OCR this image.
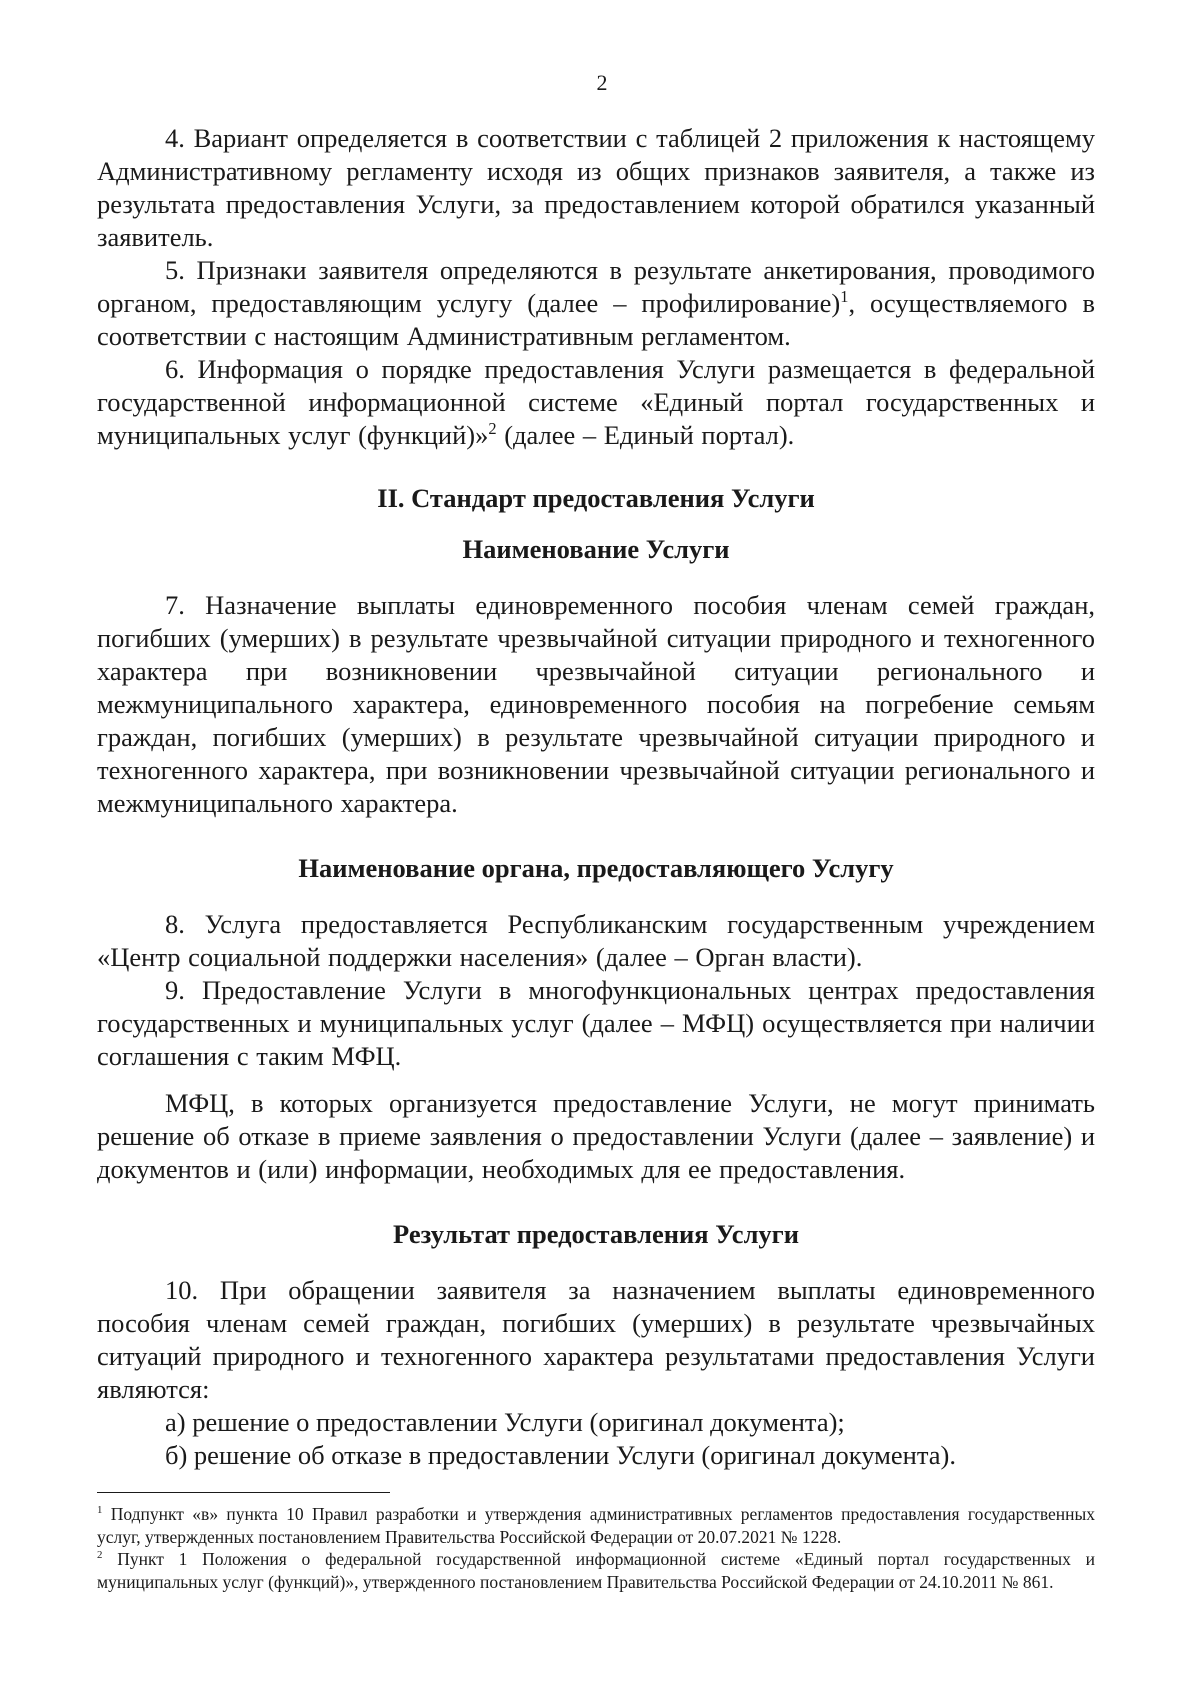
2

4. Вариант определяется в соответствии с таблицей 2 приложения к настоящему Административному регламенту исходя из общих признаков заявителя, а также из результата предоставления Услуги, за предоставлением которой обратился указанный заявитель.

5. Признаки заявителя определяются в результате анкетирования, проводимого органом, предоставляющим услугу (далее – профилирование)$^1$, осуществляемого в соответствии с настоящим Административным регламентом.

6. Информация о порядке предоставления Услуги размещается в федеральной государственной информационной системе «Единый портал государственных и муниципальных услуг (функций)»$^2$ (далее – Единый портал).

II. Стандарт предоставления Услуги
Наименование Услуги

7. Назначение выплаты единовременного пособия членам семей граждан, погибших (умерших) в результате чрезвычайной ситуации природного и техногенного характера при возникновении чрезвычайной ситуации регионального и межмуниципального характера, единовременного пособия на погребение семьям граждан, погибших (умерших) в результате чрезвычайной ситуации природного и техногенного характера, при возникновении чрезвычайной ситуации регионального и межмуниципального характера.

Наименование органа, предоставляющего Услугу

8. Услуга предоставляется Республиканским государственным учреждением «Центр социальной поддержки населения» (далее – Орган власти).

9. Предоставление Услуги в многофункциональных центрах предоставления государственных и муниципальных услуг (далее – МФЦ) осуществляется при наличии соглашения с таким МФЦ.

МФЦ, в которых организуется предоставление Услуги, не могут принимать решение об отказе в приеме заявления о предоставлении Услуги (далее – заявление) и документов и (или) информации, необходимых для ее предоставления.

Результат предоставления Услуги

10. При обращении заявителя за назначением выплаты единовременного пособия членам семей граждан, погибших (умерших) в результате чрезвычайных ситуаций природного и техногенного характера результатами предоставления Услуги являются:

а) решение о предоставлении Услуги (оригинал документа);

б) решение об отказе в предоставлении Услуги (оригинал документа).

$^1$ Подпункт «в» пункта 10 Правил разработки и утверждения административных регламентов предоставления государственных услуг, утвержденных постановлением Правительства Российской Федерации от 20.07.2021 № 1228.

$^2$ Пункт 1 Положения о федеральной государственной информационной системе «Единый портал государственных и муниципальных услуг (функций)», утвержденного постановлением Правительства Российской Федерации от 24.10.2011 № 861.
